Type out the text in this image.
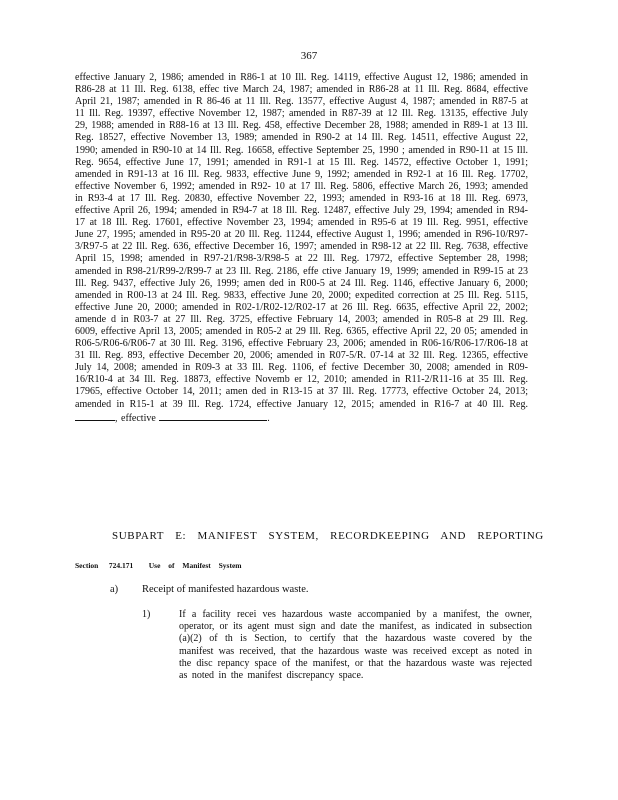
367

effective January 2, 1986; amended in R86-1 at 10 Ill. Reg. 14119, effective August 12, 1986; amended in R86-28 at 11 Ill. Reg. 6138, effec tive March 24, 1987; amended in R86-28 at 11 Ill. Reg. 8684, effective April 21, 1987; amended in R 86-46 at 11 Ill. Reg. 13577, effective August 4, 1987; amended in R87-5 at 11 Ill. Reg. 19397, effective November 12, 1987; amended in R87-39 at 12 Ill. Reg. 13135, effective July 29, 1988; amended in R88-16 at 13 Ill. Reg. 458, effective December 28, 1988; amended in R89-1 at 13 Ill. Reg. 18527, effective November 13, 1989; amended in R90-2 at 14 Ill. Reg. 14511, effective August 22, 1990; amended in R90-10 at 14 Ill. Reg. 16658, effective September 25, 1990 ; amended in R90-11 at 15 Ill. Reg. 9654, effective June 17, 1991; amended in R91-1 at 15 Ill. Reg. 14572, effective October 1, 1991; amended in R91-13 at 16 Ill. Reg. 9833, effective June 9, 1992; amended in R92-1 at 16 Ill. Reg. 17702, effective November 6, 1992; amended in R92- 10 at 17 Ill. Reg. 5806, effective March 26, 1993; amended in R93-4 at 17 Ill. Reg. 20830, effective November 22, 1993; amended in R93-16 at 18 Ill. Reg. 6973, effective April 26, 1994; amended in R94-7 at 18 Ill. Reg. 12487, effective July 29, 1994; amended in R94-17 at 18 Ill. Reg. 17601, effective November 23, 1994; amended in R95-6 at 19 Ill. Reg. 9951, effective June 27, 1995; amended in R95-20 at 20 Ill. Reg. 11244, effective August 1, 1996; amended in R96-10/R97-3/R97-5 at 22 Ill. Reg. 636, effective December 16, 1997; amended in R98-12 at 22 Ill. Reg. 7638, effective April 15, 1998; amended in R97-21/R98-3/R98-5 at 22 Ill. Reg. 17972, effective September 28, 1998; amended in R98-21/R99-2/R99-7 at 23 Ill. Reg. 2186, effe ctive January 19, 1999; amended in R99-15 at 23 Ill. Reg. 9437, effective July 26, 1999; amen ded in R00-5 at 24 Ill. Reg. 1146, effective January 6, 2000; amended in R00-13 at 24 Ill. Reg. 9833, effective June 20, 2000; expedited correction at 25 Ill. Reg. 5115, effective June 20, 2000; amended in R02-1/R02-12/R02-17 at 26 Ill. Reg. 6635, effective April 22, 2002; amende d in R03-7 at 27 Ill. Reg. 3725, effective February 14, 2003; amended in R05-8 at 29 Ill. Reg. 6009, effective April 13, 2005; amended in R05-2 at 29 Ill. Reg. 6365, effective April 22, 20 05; amended in R06-5/R06-6/R06-7 at 30 Ill. Reg. 3196, effective February 23, 2006; amended in R06-16/R06-17/R06-18 at 31 Ill. Reg. 893, effective December 20, 2006; amended in R07-5/R. 07-14 at 32 Ill. Reg. 12365, effective July 14, 2008; amended in R09-3 at 33 Ill. Reg. 1106, ef fective December 30, 2008; amended in R09-16/R10-4 at 34 Ill. Reg. 18873, effective Novemb er 12, 2010; amended in R11-2/R11-16 at 35 Ill. Reg. 17965, effective October 14, 2011; amen ded in R13-15 at 37 Ill. Reg. 17773, effective October 24, 2013; amended in R15-1 at 39 Ill. Reg. 1724, effective January 12, 2015; amended in R16-7 at 40 Ill. Reg. , effective	.

SUBPART E: MANIFEST SYSTEM, RECORDKEEPING AND REPORTING
Section 724.171 Use of Manifest System
a) Receipt of manifested hazardous waste.
1)	If a facility recei ves hazardous waste accompanied by a manifest, the owner, operator, or its agent must sign and date the manifest, as indicated in subsection (a)(2) of th is Section, to certify that the hazardous waste covered by the manifest was received, that the hazardous waste was received except as noted in the disc repancy space of the manifest, or that the hazardous waste was rejected as noted in the manifest discrepancy space.
